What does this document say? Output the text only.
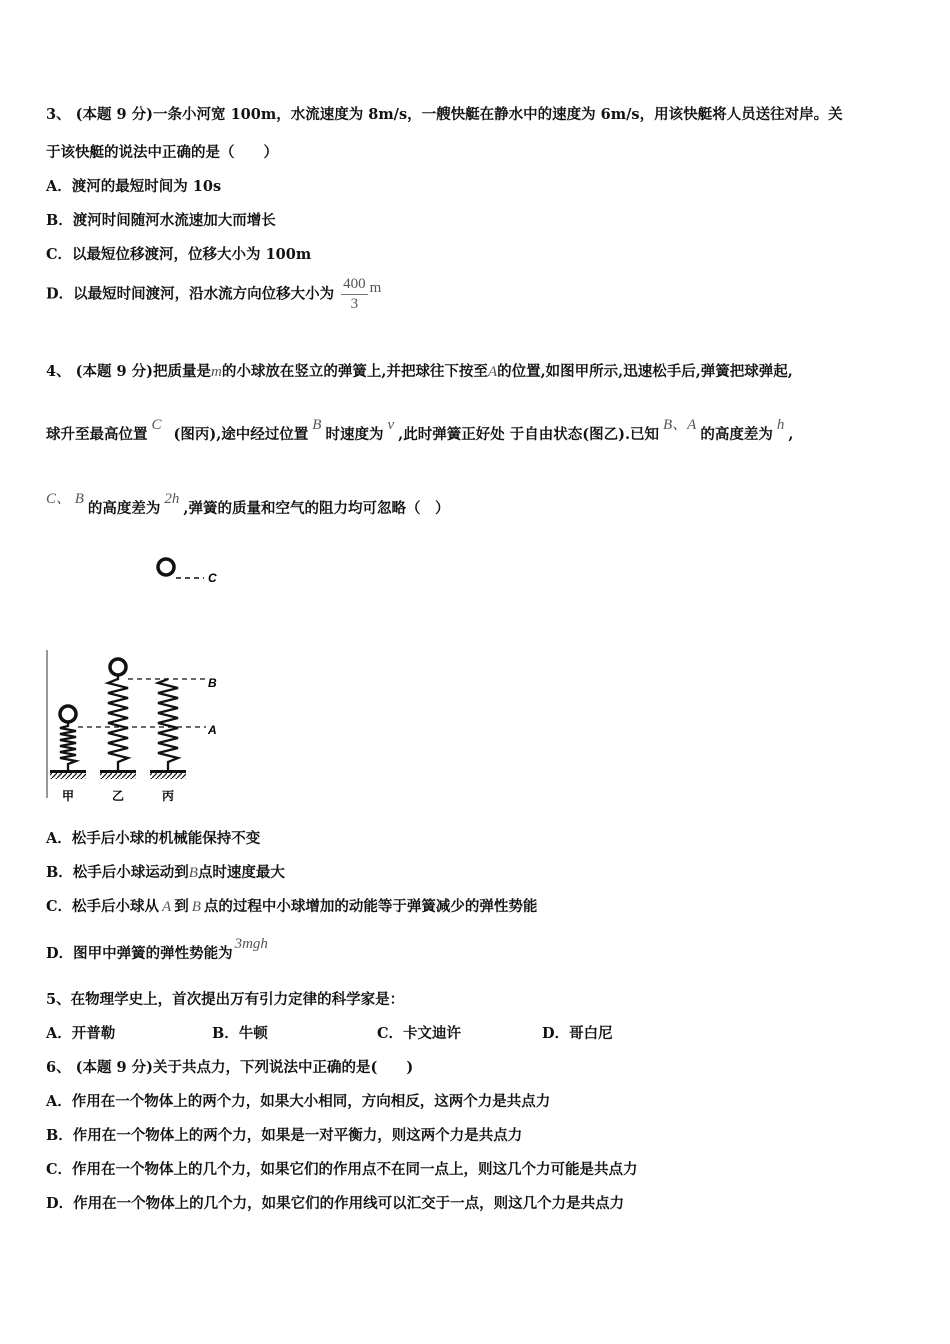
3、 (本题 9 分)一条小河宽 100m，水流速度为 8m/s，一艘快艇在静水中的速度为 6m/s，用该快艇将人员送往对岸。关
于该快艇的说法中正确的是（　　）
A．渡河的最短时间为 10s
B．渡河时间随河水流速加大而增长
C．以最短位移渡河，位移大小为 100m
D．以最短时间渡河，沿水流方向位移大小为 $\frac{400}{3}$ m
4、 (本题 9 分)把质量是m的小球放在竖立的弹簧上,并把球往下按至A的位置,如图甲所示,迅速松手后,弹簧把球弹起,
球升至最高位置C(图丙),途中经过位置B时速度为v,此时弹簧正好处 于自由状态(图乙).已知B、A的高度差为h,
C、 B的高度差为2h,弹簧的质量和空气的阻力均可忽略（　）
C
B
A
甲	乙	丙
A．松手后小球的机械能保持不变
B．松手后小球运动到B点时速度最大
C．松手后小球从 A 到 B 点的过程中小球增加的动能等于弹簧减少的弹性势能
D．图甲中弹簧的弹性势能为3mgh
5、在物理学史上，首次提出万有引力定律的科学家是：
A．开普勒	B．牛顿	C．卡文迪许	D．哥白尼
6、 (本题 9 分)关于共点力，下列说法中正确的是(　　)
A．作用在一个物体上的两个力，如果大小相同，方向相反，这两个力是共点力
B．作用在一个物体上的两个力，如果是一对平衡力，则这两个力是共点力
C．作用在一个物体上的几个力，如果它们的作用点不在同一点上，则这几个力可能是共点力
D．作用在一个物体上的几个力，如果它们的作用线可以汇交于一点，则这几个力是共点力
